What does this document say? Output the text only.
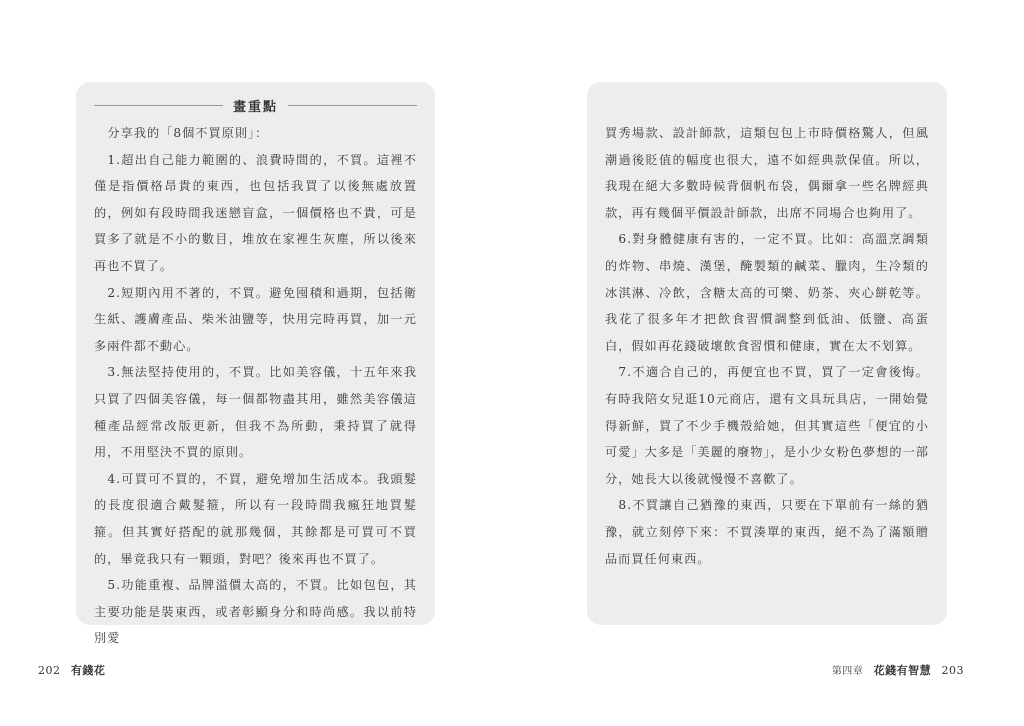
畫重點

分享我的「8個不買原則」：

1.超出自己能力範圍的、浪費時間的，不買。這裡不僅是指價格昂貴的東西，也包括我買了以後無處放置的，例如有段時間我迷戀盲盒，一個價格也不貴，可是買多了就是不小的數目，堆放在家裡生灰塵，所以後來再也不買了。

2.短期內用不著的，不買。避免囤積和過期，包括衛生紙、護膚產品、柴米油鹽等，快用完時再買，加一元多兩件都不動心。

3.無法堅持使用的，不買。比如美容儀，十五年來我只買了四個美容儀，每一個都物盡其用，雖然美容儀這種產品經常改版更新，但我不為所動，秉持買了就得用，不用堅決不買的原則。

4.可買可不買的，不買，避免增加生活成本。我頭髮的長度很適合戴髮箍，所以有一段時間我瘋狂地買髮箍。但其實好搭配的就那幾個，其餘都是可買可不買的，畢竟我只有一顆頭，對吧？後來再也不買了。

5.功能重複、品牌溢價太高的，不買。比如包包，其主要功能是裝東西，或者彰顯身分和時尚感。我以前特別愛

202 有錢花

買秀場款、設計師款，這類包包上市時價格驚人，但風潮過後貶值的幅度也很大，遠不如經典款保值。所以，我現在絕大多數時候背個帆布袋，偶爾拿一些名牌經典款，再有幾個平價設計師款，出席不同場合也夠用了。

6.對身體健康有害的，一定不買。比如：高溫烹調類的炸物、串燒、漢堡，醃製類的鹹菜、臘肉，生冷類的冰淇淋、冷飲，含糖太高的可樂、奶茶、夾心餅乾等。我花了很多年才把飲食習慣調整到低油、低鹽、高蛋白，假如再花錢破壞飲食習慣和健康，實在太不划算。

7.不適合自己的，再便宜也不買，買了一定會後悔。有時我陪女兒逛10元商店，還有文具玩具店，一開始覺得新鮮，買了不少手機殼給她，但其實這些「便宜的小可愛」大多是「美麗的廢物」，是小少女粉色夢想的一部分，她長大以後就慢慢不喜歡了。

8.不買讓自己猶豫的東西，只要在下單前有一絲的猶豫，就立刻停下來：不買湊單的東西，絕不為了滿額贈品而買任何東西。

第四章 花錢有智慧 203
